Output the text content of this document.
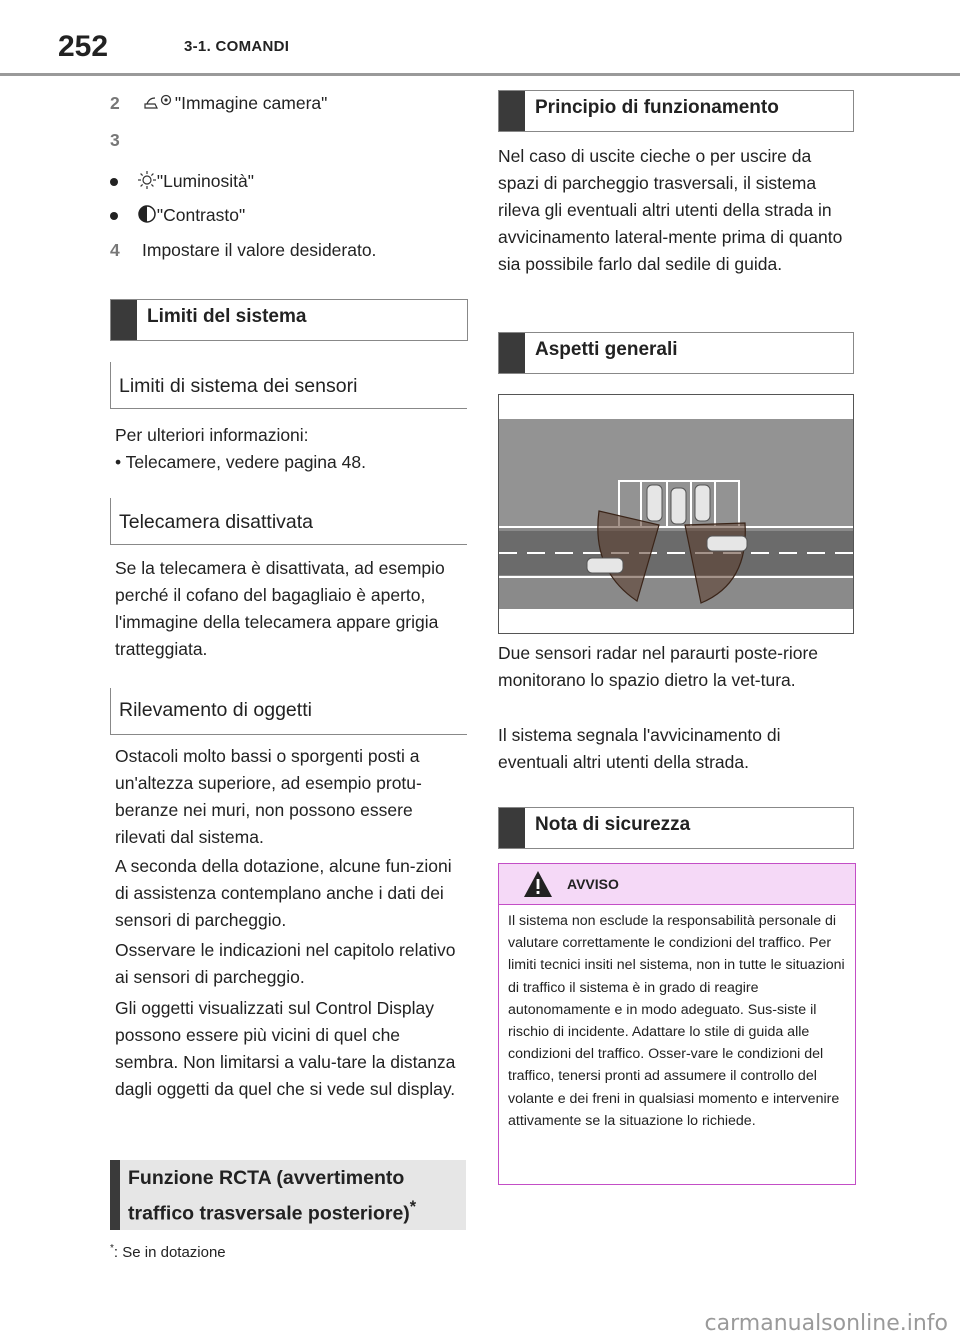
252	3-1. COMANDI
2	"Immagine camera"
3
"Luminosità"
"Contrasto"
4 Impostare il valore desiderato.
Limiti del sistema
Limiti di sistema dei sensori

Per ulteriori informazioni:

• Telecamere, vedere pagina 48.

Telecamera disattivata

Se la telecamera è disattivata, ad esempio perché il cofano del bagagliaio è aperto, l'immagine della telecamera appare grigia tratteggiata.

Rilevamento di oggetti

Ostacoli molto bassi o sporgenti posti a un'altezza superiore, ad esempio protu-beranze nei muri, non possono essere rilevati dal sistema.

A seconda della dotazione, alcune fun-zioni di assistenza contemplano anche i dati dei sensori di parcheggio.

Osservare le indicazioni nel capitolo relativo ai sensori di parcheggio.

Gli oggetti visualizzati sul Control Display possono essere più vicini di quel che sembra. Non limitarsi a valu-tare la distanza dagli oggetti da quel che si vede sul display.

Funzione RCTA (avvertimento
traffico trasversale posteriore)*
*: Se in dotazione
Principio di funzionamento

Nel caso di uscite cieche o per uscire da spazi di parcheggio trasversali, il sistema rileva gli eventuali altri utenti della strada in avvicinamento lateral-mente prima di quanto sia possibile farlo dal sedile di guida.

Aspetti generali

Due sensori radar nel paraurti poste-riore monitorano lo spazio dietro la vet-tura.

Il sistema segnala l'avvicinamento di eventuali altri utenti della strada.

Nota di sicurezza
AVVISO
Il sistema non esclude la responsabilità personale di valutare correttamente le condizioni del traffico. Per limiti tecnici insiti nel sistema, non in tutte le situazioni di traffico il sistema è in grado di reagire autonomamente e in modo adeguato. Sus-siste il rischio di incidente. Adattare lo stile di guida alle condizioni del traffico. Osser-vare le condizioni del traffico, tenersi pronti ad assumere il controllo del volante e dei freni in qualsiasi momento e intervenire attivamente se la situazione lo richiede.
carmanualsonline.info
